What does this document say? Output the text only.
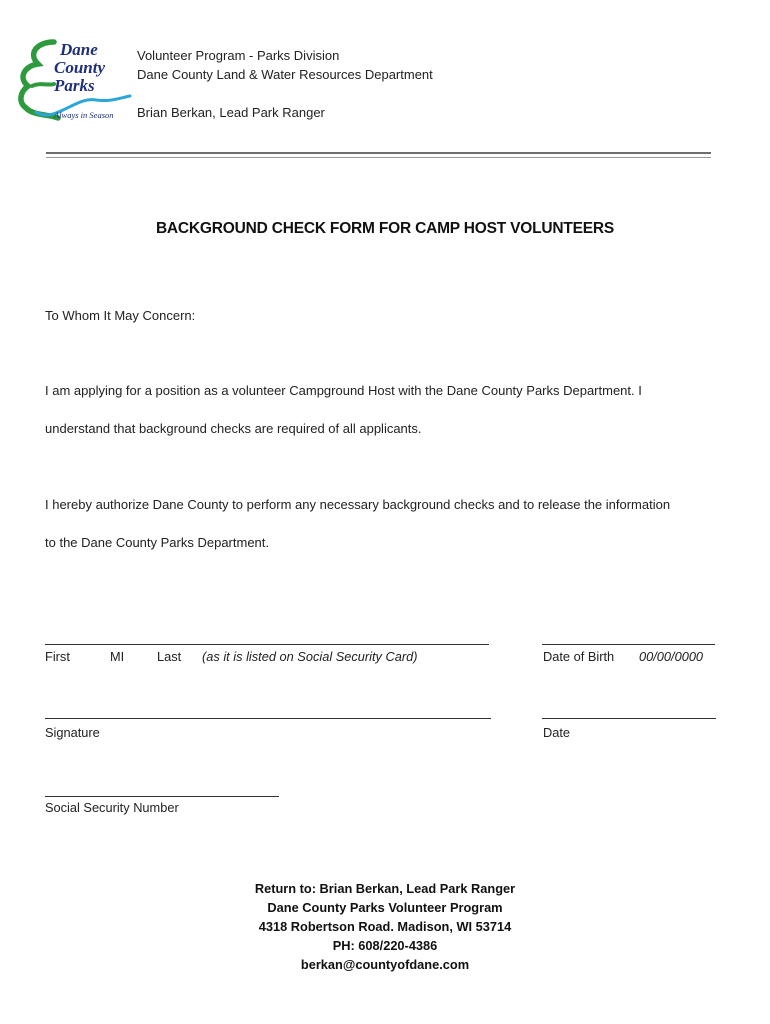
Dane
County
Parks
Always in Season
Volunteer Program - Parks Division
Dane County Land & Water Resources Department
Brian Berkan, Lead Park Ranger
BACKGROUND CHECK FORM FOR CAMP HOST VOLUNTEERS
To Whom It May Concern:
I am applying for a position as a volunteer Campground Host with the Dane County Parks Department. I
understand that background checks are required of all applicants.
I hereby authorize Dane County to perform any necessary background checks and to release the information
to the Dane County Parks Department.
First	MI	Last (as it is listed on Social Security Card)	Date of Birth 00/00/0000
Signature	Date
Social Security Number
Return to: Brian Berkan, Lead Park Ranger
Dane County Parks Volunteer Program
4318 Robertson Road. Madison, WI 53714
PH: 608/220-4386
berkan@countyofdane.com
